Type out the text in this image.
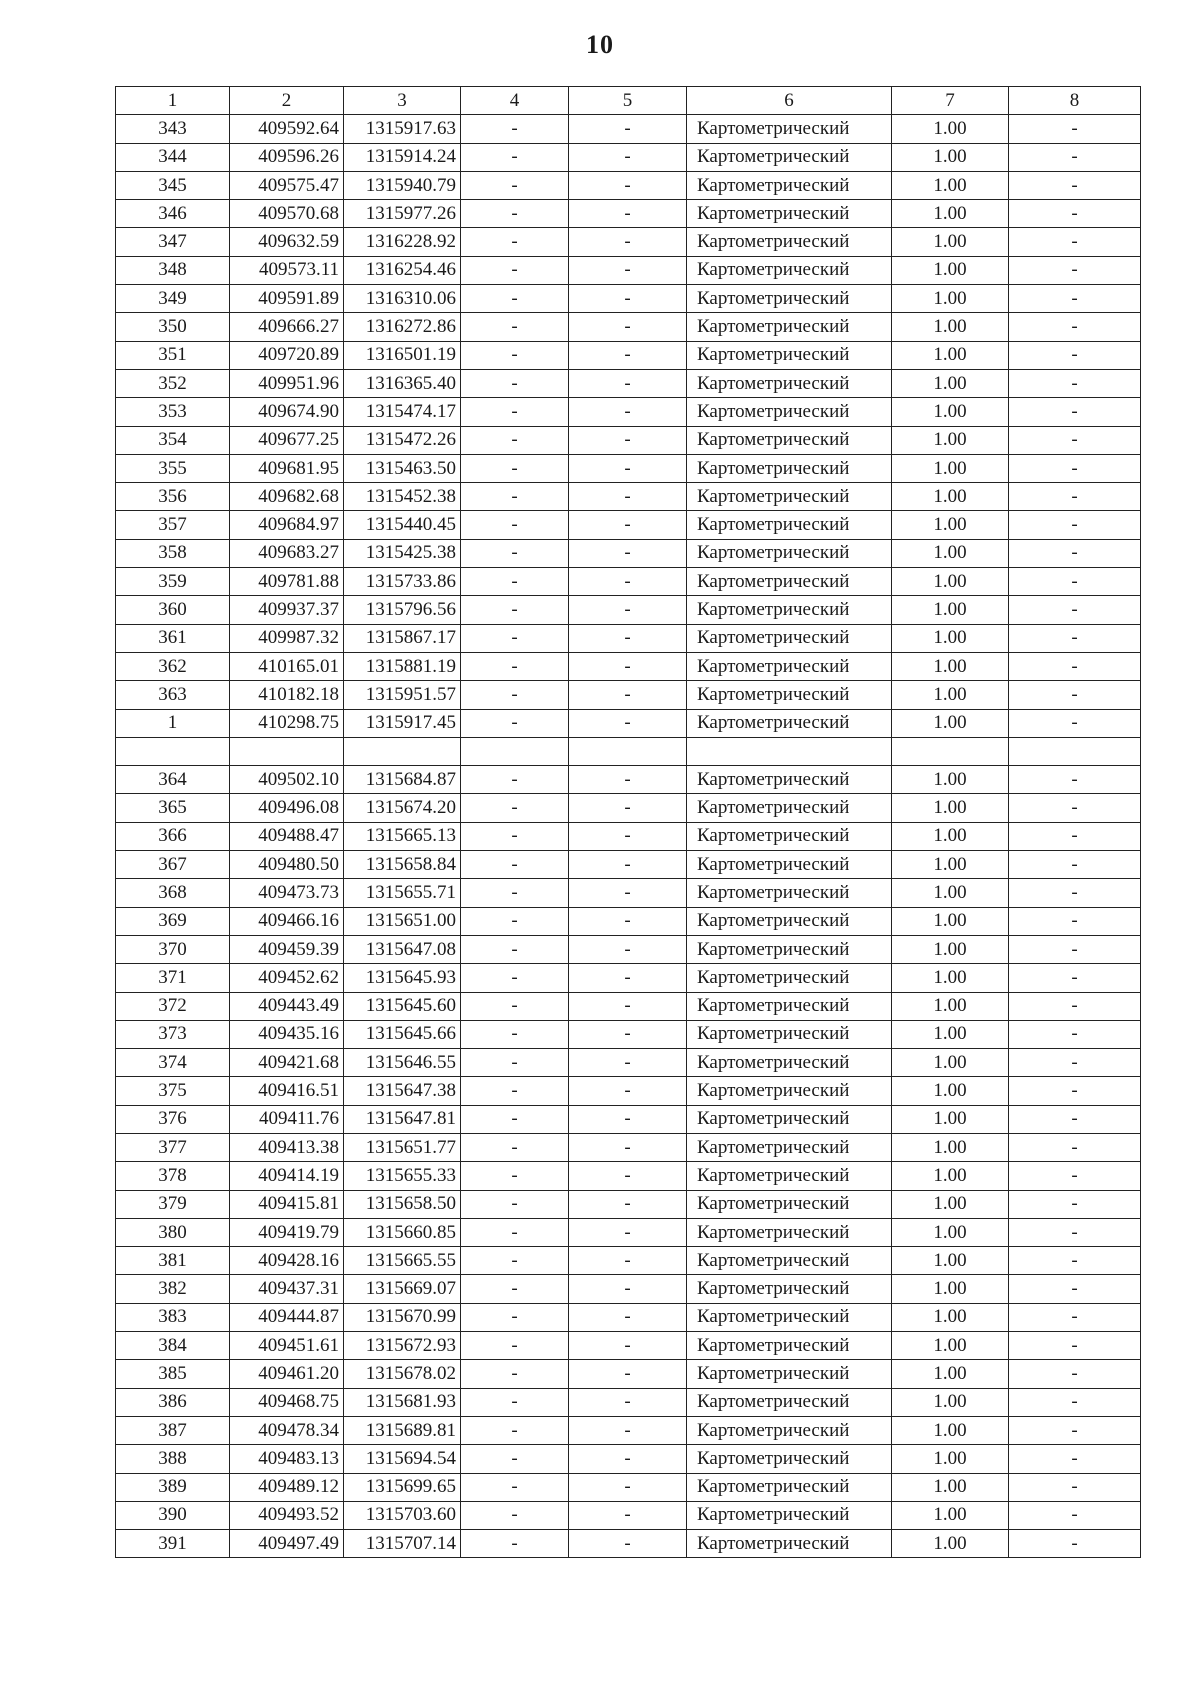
10
1	2	3	4	5	6	7	8
343	409592.64	1315917.63	-	-	Картометрический	1.00	-
344	409596.26	1315914.24	-	-	Картометрический	1.00	-
345	409575.47	1315940.79	-	-	Картометрический	1.00	-
346	409570.68	1315977.26	-	-	Картометрический	1.00	-
347	409632.59	1316228.92	-	-	Картометрический	1.00	-
348	409573.11	1316254.46	-	-	Картометрический	1.00	-
349	409591.89	1316310.06	-	-	Картометрический	1.00	-
350	409666.27	1316272.86	-	-	Картометрический	1.00	-
351	409720.89	1316501.19	-	-	Картометрический	1.00	-
352	409951.96	1316365.40	-	-	Картометрический	1.00	-
353	409674.90	1315474.17	-	-	Картометрический	1.00	-
354	409677.25	1315472.26	-	-	Картометрический	1.00	-
355	409681.95	1315463.50	-	-	Картометрический	1.00	-
356	409682.68	1315452.38	-	-	Картометрический	1.00	-
357	409684.97	1315440.45	-	-	Картометрический	1.00	-
358	409683.27	1315425.38	-	-	Картометрический	1.00	-
359	409781.88	1315733.86	-	-	Картометрический	1.00	-
360	409937.37	1315796.56	-	-	Картометрический	1.00	-
361	409987.32	1315867.17	-	-	Картометрический	1.00	-
362	410165.01	1315881.19	-	-	Картометрический	1.00	-
363	410182.18	1315951.57	-	-	Картометрический	1.00	-
1	410298.75	1315917.45	-	-	Картометрический	1.00	-

364	409502.10	1315684.87	-	-	Картометрический	1.00	-
365	409496.08	1315674.20	-	-	Картометрический	1.00	-
366	409488.47	1315665.13	-	-	Картометрический	1.00	-
367	409480.50	1315658.84	-	-	Картометрический	1.00	-
368	409473.73	1315655.71	-	-	Картометрический	1.00	-
369	409466.16	1315651.00	-	-	Картометрический	1.00	-
370	409459.39	1315647.08	-	-	Картометрический	1.00	-
371	409452.62	1315645.93	-	-	Картометрический	1.00	-
372	409443.49	1315645.60	-	-	Картометрический	1.00	-
373	409435.16	1315645.66	-	-	Картометрический	1.00	-
374	409421.68	1315646.55	-	-	Картометрический	1.00	-
375	409416.51	1315647.38	-	-	Картометрический	1.00	-
376	409411.76	1315647.81	-	-	Картометрический	1.00	-
377	409413.38	1315651.77	-	-	Картометрический	1.00	-
378	409414.19	1315655.33	-	-	Картометрический	1.00	-
379	409415.81	1315658.50	-	-	Картометрический	1.00	-
380	409419.79	1315660.85	-	-	Картометрический	1.00	-
381	409428.16	1315665.55	-	-	Картометрический	1.00	-
382	409437.31	1315669.07	-	-	Картометрический	1.00	-
383	409444.87	1315670.99	-	-	Картометрический	1.00	-
384	409451.61	1315672.93	-	-	Картометрический	1.00	-
385	409461.20	1315678.02	-	-	Картометрический	1.00	-
386	409468.75	1315681.93	-	-	Картометрический	1.00	-
387	409478.34	1315689.81	-	-	Картометрический	1.00	-
388	409483.13	1315694.54	-	-	Картометрический	1.00	-
389	409489.12	1315699.65	-	-	Картометрический	1.00	-
390	409493.52	1315703.60	-	-	Картометрический	1.00	-
391	409497.49	1315707.14	-	-	Картометрический	1.00	-
